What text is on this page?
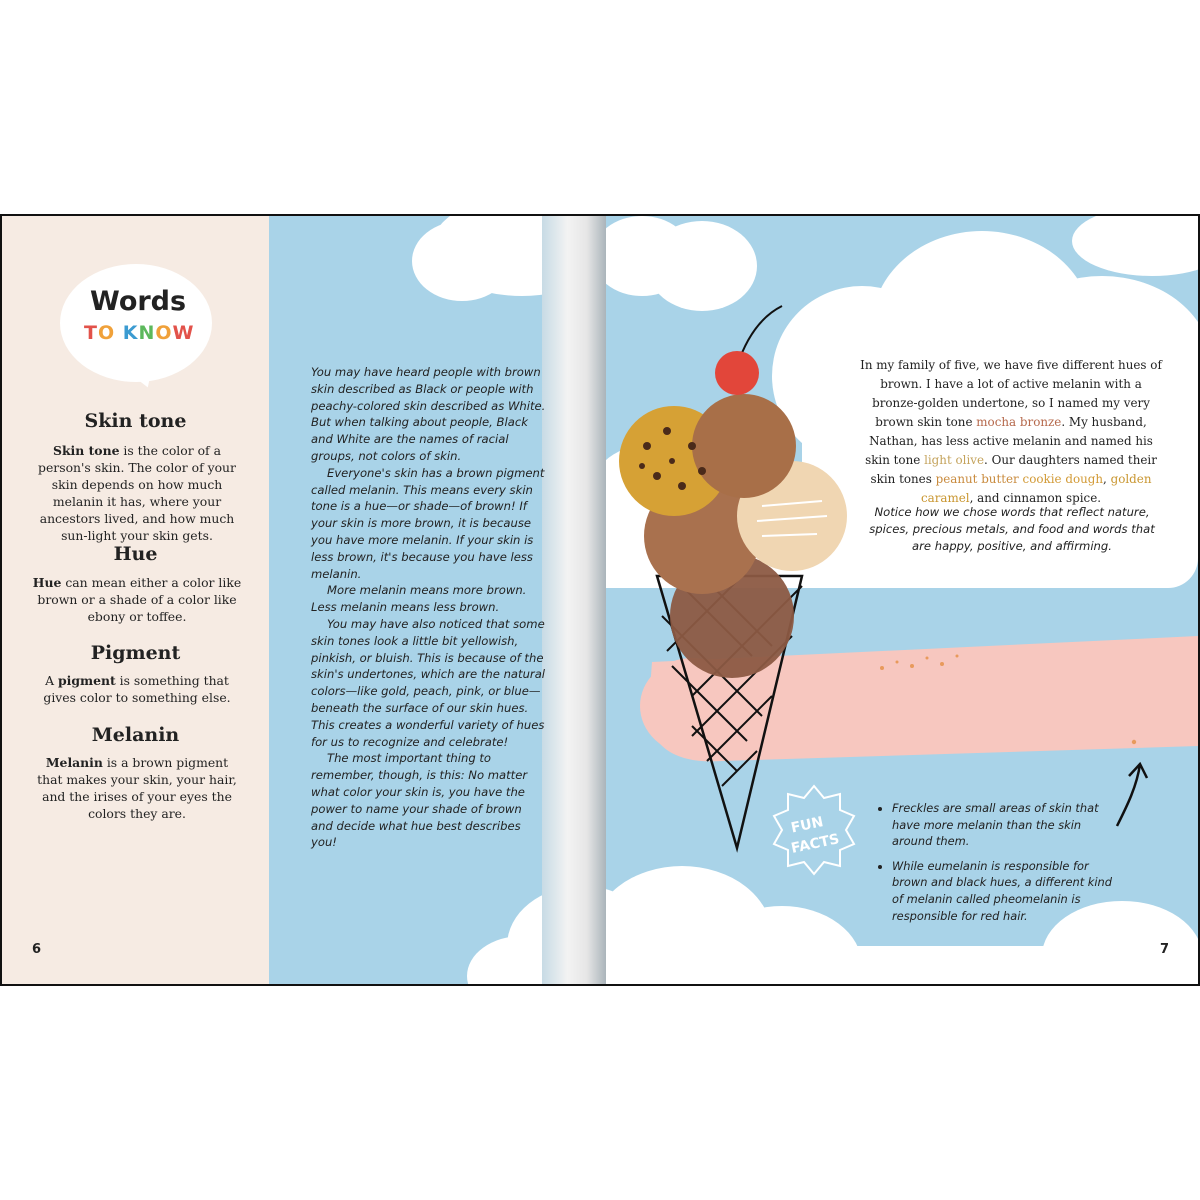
Words
TO KNOW
Skin tone
Skin tone is the color of a person's skin. The color of your skin depends on how much melanin it has, where your ancestors lived, and how much sun-light your skin gets.
Hue
Hue can mean either a color like brown or a shade of a color like ebony or toffee.
Pigment
A pigment is something that gives color to something else.
Melanin
Melanin is a brown pigment that makes your skin, your hair, and the irises of your eyes the colors they are.
6

You may have heard people with brown skin described as Black or people with peachy-colored skin described as White. But when talking about people, Black and White are the names of racial groups, not colors of skin.

Everyone's skin has a brown pigment called melanin. This means every skin tone is a hue—or shade—of brown! If your skin is more brown, it is because you have more melanin. If your skin is less brown, it's because you have less melanin.

More melanin means more brown. Less melanin means less brown.

You may have also noticed that some skin tones look a little bit yellowish, pinkish, or bluish. This is because of the skin's undertones, which are the natural colors—like gold, peach, pink, or blue—beneath the surface of our skin hues. This creates a wonderful variety of hues for us to recognize and celebrate!

The most important thing to remember, though, is this: No matter what color your skin is, you have the power to name your shade of brown and decide what hue best describes you!

In my family of five, we have five different hues of brown. I have a lot of active melanin with a bronze-golden undertone, so I named my very brown skin tone mocha bronze. My husband, Nathan, has less active melanin and named his skin tone light olive. Our daughters named their skin tones peanut butter cookie dough, golden caramel, and cinnamon spice.
Notice how we chose words that reflect nature, spices, precious metals, and food and words that are happy, positive, and affirming.
FUN
FACTS
• Freckles are small areas of skin that have more melanin than the skin around them.
• While eumelanin is responsible for brown and black hues, a different kind of melanin called pheomelanin is responsible for red hair.
7
